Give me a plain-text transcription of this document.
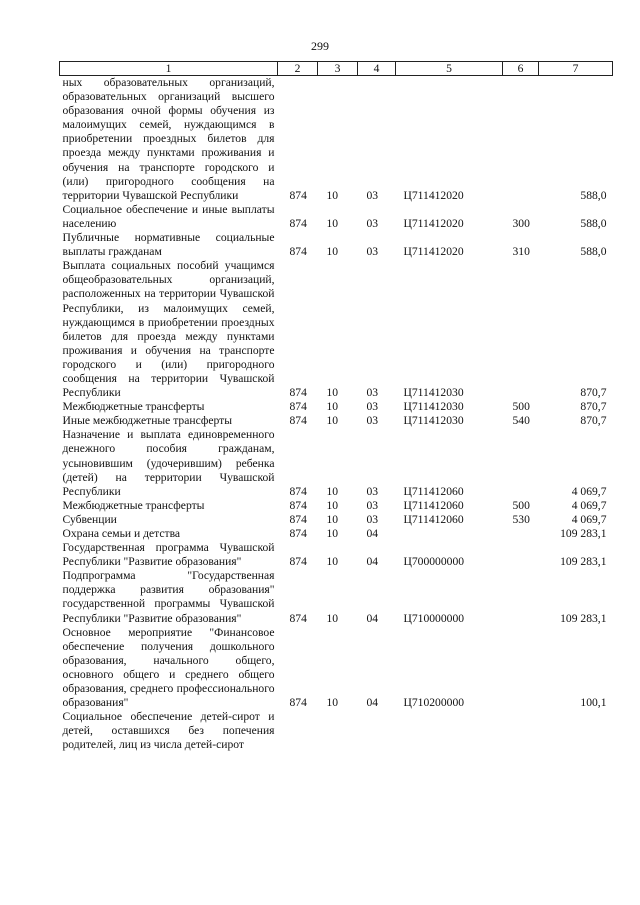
299
1	2	3	4	5	6	7
ных образовательных организаций, образовательных организаций высшего образования очной формы обучения из малоимущих семей, нуждающимся в приобретении проездных билетов для проезда между пунктами проживания и обучения на транспорте городского и (или) пригородного сообщения на территории Чувашской Республики	874	10	03	Ц711412020		588,0
Социальное обеспечение и иные выплаты населению	874	10	03	Ц711412020	300	588,0
Публичные нормативные социальные выплаты гражданам	874	10	03	Ц711412020	310	588,0
Выплата социальных пособий учащимся общеобразовательных организаций, расположенных на территории Чувашской Республики, из малоимущих семей, нуждающимся в приобретении проездных билетов для проезда между пунктами проживания и обучения на транспорте городского и (или) пригородного сообщения на территории Чувашской Республики	874	10	03	Ц711412030		870,7
Межбюджетные трансферты	874	10	03	Ц711412030	500	870,7
Иные межбюджетные трансферты	874	10	03	Ц711412030	540	870,7
Назначение и выплата единовременного денежного пособия гражданам, усыновившим (удочерившим) ребенка (детей) на территории Чувашской Республики	874	10	03	Ц711412060		4 069,7
Межбюджетные трансферты	874	10	03	Ц711412060	500	4 069,7
Субвенции	874	10	03	Ц711412060	530	4 069,7
Охрана семьи и детства	874	10	04			109 283,1
Государственная программа Чувашской Республики "Развитие образования"	874	10	04	Ц700000000		109 283,1
Подпрограмма "Государственная поддержка развития образования" государственной программы Чувашской Республики "Развитие образования"	874	10	04	Ц710000000		109 283,1
Основное мероприятие "Финансовое обеспечение получения дошкольного образования, начального общего, основного общего и среднего общего образования, среднего профессионального образования"	874	10	04	Ц710200000		100,1
Социальное обеспечение детей-сирот и детей, оставшихся без попечения родителей, лиц из числа детей-сирот						
